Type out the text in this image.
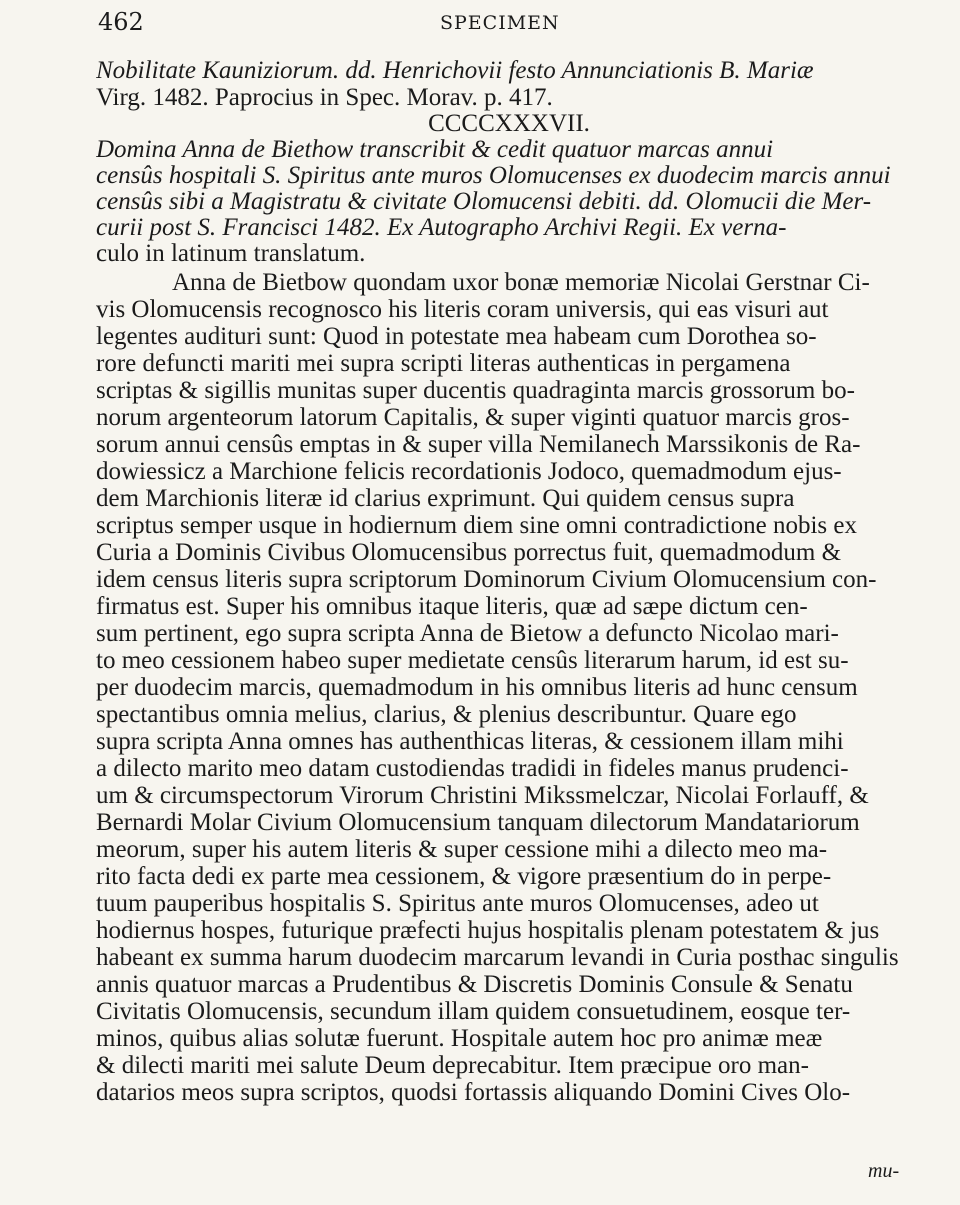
462	SPECIMEN
Nobilitate Kauniziorum. dd. Henrichovii festo Annunciationis B. Mariæ
Virg. 1482. Paprocius in Spec. Morav. p. 417.
CCCCXXXVII.
Domina Anna de Biethow transcribit & cedit quatuor marcas annui
censûs hospitali S. Spiritus ante muros Olomucenses ex duodecim marcis annui
censûs sibi a Magistratu & civitate Olomucensi debiti. dd. Olomucii die Mer-
curii post S. Francisci 1482. Ex Autographo Archivi Regii. Ex verna-
culo in latinum translatum.
Anna de Bietbow quondam uxor bonæ memoriæ Nicolai Gerstnar Ci-
vis Olomucensis recognosco his literis coram universis, qui eas visuri aut
legentes audituri sunt: Quod in potestate mea habeam cum Dorothea so-
rore defuncti mariti mei supra scripti literas authenticas in pergamena
scriptas & sigillis munitas super ducentis quadraginta marcis grossorum bo-
norum argenteorum latorum Capitalis, & super viginti quatuor marcis gros-
sorum annui censûs emptas in & super villa Nemilanech Marssikonis de Ra-
dowiessicz a Marchione felicis recordationis Jodoco, quemadmodum ejus-
dem Marchionis literæ id clarius exprimunt. Qui quidem census supra
scriptus semper usque in hodiernum diem sine omni contradictione nobis ex
Curia a Dominis Civibus Olomucensibus porrectus fuit, quemadmodum &
idem census literis supra scriptorum Dominorum Civium Olomucensium con-
firmatus est. Super his omnibus itaque literis, quæ ad sæpe dictum cen-
sum pertinent, ego supra scripta Anna de Bietow a defuncto Nicolao mari-
to meo cessionem habeo super medietate censûs literarum harum, id est su-
per duodecim marcis, quemadmodum in his omnibus literis ad hunc censum
spectantibus omnia melius, clarius, & plenius describuntur. Quare ego
supra scripta Anna omnes has authenthicas literas, & cessionem illam mihi
a dilecto marito meo datam custodiendas tradidi in fideles manus prudenci-
um & circumspectorum Virorum Christini Mikssmelczar, Nicolai Forlauff, &
Bernardi Molar Civium Olomucensium tanquam dilectorum Mandatariorum
meorum, super his autem literis & super cessione mihi a dilecto meo ma-
rito facta dedi ex parte mea cessionem, & vigore præsentium do in perpe-
tuum pauperibus hospitalis S. Spiritus ante muros Olomucenses, adeo ut
hodiernus hospes, futurique præfecti hujus hospitalis plenam potestatem & jus
habeant ex summa harum duodecim marcarum levandi in Curia posthac singulis
annis quatuor marcas a Prudentibus & Discretis Dominis Consule & Senatu
Civitatis Olomucensis, secundum illam quidem consuetudinem, eosque ter-
minos, quibus alias solutæ fuerunt. Hospitale autem hoc pro animæ meæ
& dilecti mariti mei salute Deum deprecabitur. Item præcipue oro man-
datarios meos supra scriptos, quodsi fortassis aliquando Domini Cives Olo-
mu-
